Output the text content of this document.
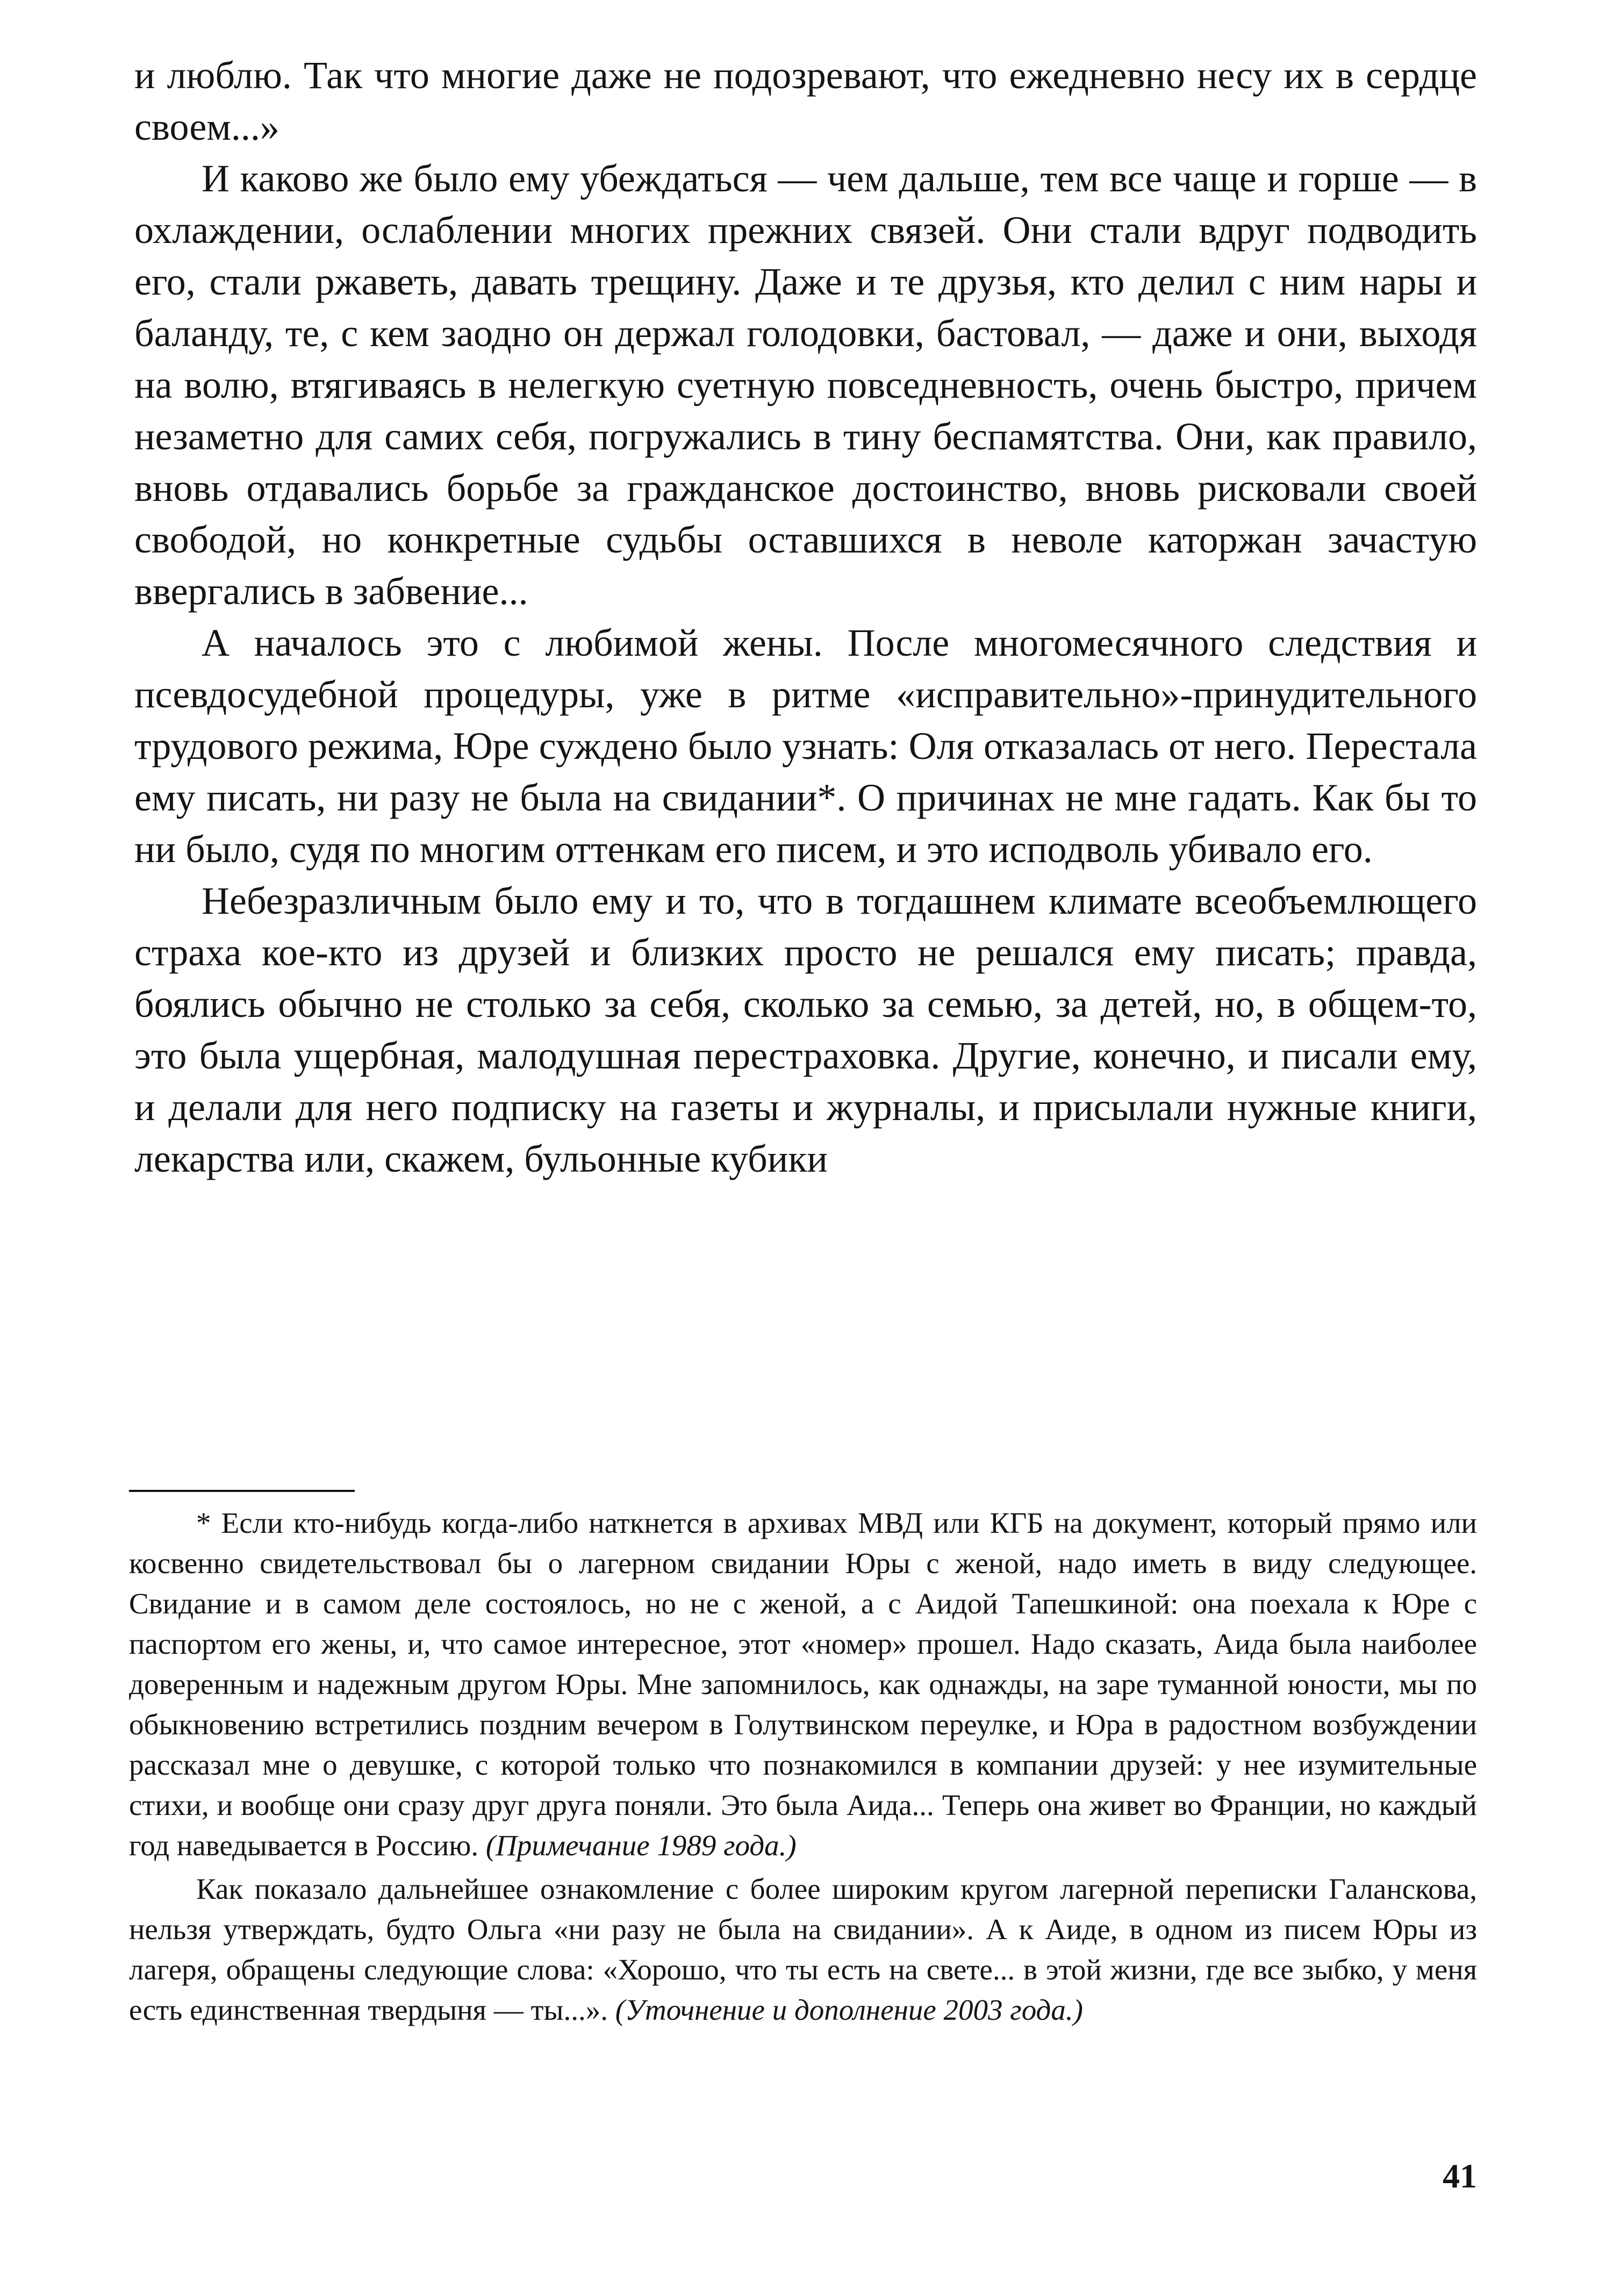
и люблю. Так что многие даже не подозревают, что ежедневно несу их в сердце своем...»

И каково же было ему убеждаться — чем дальше, тем все чаще и горше — в охлаждении, ослаблении многих прежних связей. Они стали вдруг подводить его, стали ржаветь, давать трещину. Даже и те друзья, кто делил с ним нары и баланду, те, с кем заодно он держал голодовки, бастовал, — даже и они, выходя на волю, втягиваясь в нелегкую суетную повседневность, очень быстро, причем незаметно для самих себя, погружались в тину беспамятства. Они, как правило, вновь отдавались борьбе за гражданское достоинство, вновь рисковали своей свободой, но конкретные судьбы оставшихся в неволе каторжан зачастую ввергались в забвение...

А началось это с любимой жены. После многомесячного следствия и псевдосудебной процедуры, уже в ритме «исправительно»-принудительного трудового режима, Юре суждено было узнать: Оля отказалась от него. Перестала ему писать, ни разу не была на свидании*. О причинах не мне гадать. Как бы то ни было, судя по многим оттенкам его писем, и это исподволь убивало его.

Небезразличным было ему и то, что в тогдашнем климате всеобъемлющего страха кое-кто из друзей и близких просто не решался ему писать; правда, боялись обычно не столько за себя, сколько за семью, за детей, но, в общем-то, это была ущербная, малодушная перестраховка. Другие, конечно, и писали ему, и делали для него подписку на газеты и журналы, и присылали нужные книги, лекарства или, скажем, бульонные кубики

* Если кто-нибудь когда-либо наткнется в архивах МВД или КГБ на документ, который прямо или косвенно свидетельствовал бы о лагерном свидании Юры с женой, надо иметь в виду следующее. Свидание и в самом деле состоялось, но не с женой, а с Аидой Тапешкиной: она поехала к Юре с паспортом его жены, и, что самое интересное, этот «номер» прошел. Надо сказать, Аида была наиболее доверенным и надежным другом Юры. Мне запомнилось, как однажды, на заре туманной юности, мы по обыкновению встретились поздним вечером в Голутвинском переулке, и Юра в радостном возбуждении рассказал мне о девушке, с которой только что познакомился в компании друзей: у нее изумительные стихи, и вообще они сразу друг друга поняли. Это была Аида... Теперь она живет во Франции, но каждый год наведывается в Россию. (Примечание 1989 года.)

Как показало дальнейшее ознакомление с более широким кругом лагерной переписки Галанскова, нельзя утверждать, будто Ольга «ни разу не была на свидании». А к Аиде, в одном из писем Юры из лагеря, обращены следующие слова: «Хорошо, что ты есть на свете... в этой жизни, где все зыбко, у меня есть единственная твердыня — ты...». (Уточнение и дополнение 2003 года.)

41
